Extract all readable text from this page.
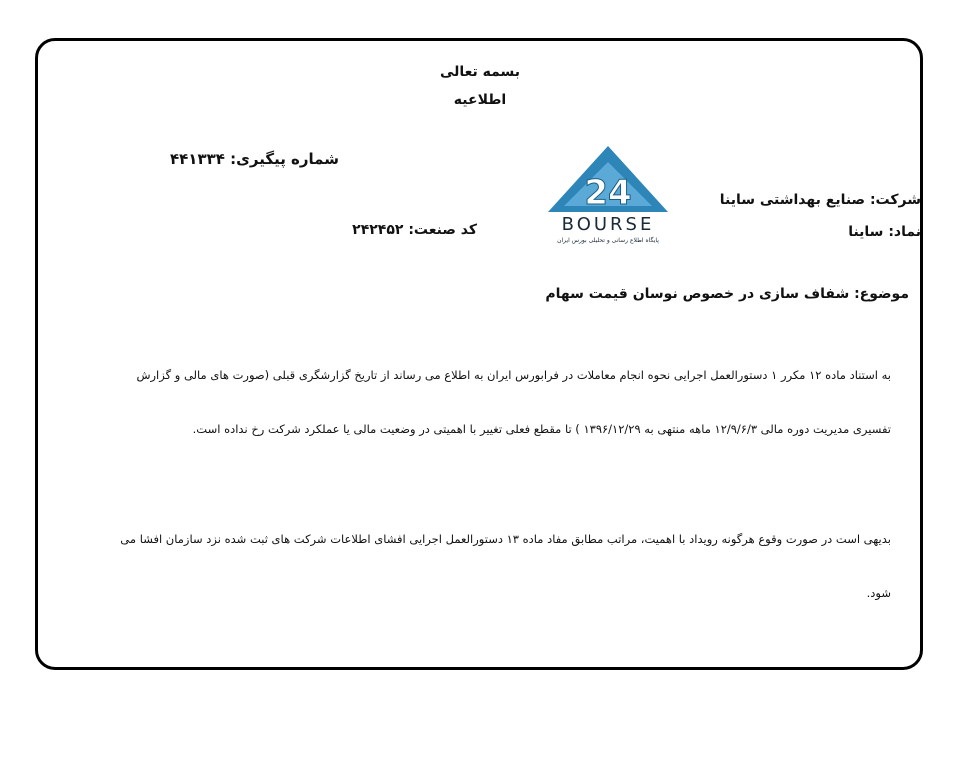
بسمه تعالی
اطلاعیه
شماره پیگیری: ۴۴۱۳۳۴
شرکت: صنایع بهداشتی ساینا
نماد: ساینا
کد صنعت: ۲۴۲۴۵۲
24
BOURSE
پایگاه اطلاع رسانی و تحلیلی بورس ایران
موضوع: شفاف سازی در خصوص نوسان قیمت سهام
به استناد ماده ۱۲ مکرر ۱ دستورالعمل اجرایی نحوه انجام معاملات در فرابورس ایران به اطلاع می رساند از تاریخ گزارشگری قبلی (صورت های مالی و گزارش
تفسیری مدیریت دوره مالی ۱۲/۹/۶/۳ ماهه منتهی به ۱۳۹۶/۱۲/۲۹ ) تا مقطع فعلی تغییر با اهمیتی در وضعیت مالی یا عملکرد شرکت رخ نداده است.
بدیهی است در صورت وقوع هرگونه رویداد با اهمیت، مراتب مطابق مفاد ماده ۱۳ دستورالعمل اجرایی افشای اطلاعات شرکت های ثبت شده نزد سازمان افشا می
شود.
